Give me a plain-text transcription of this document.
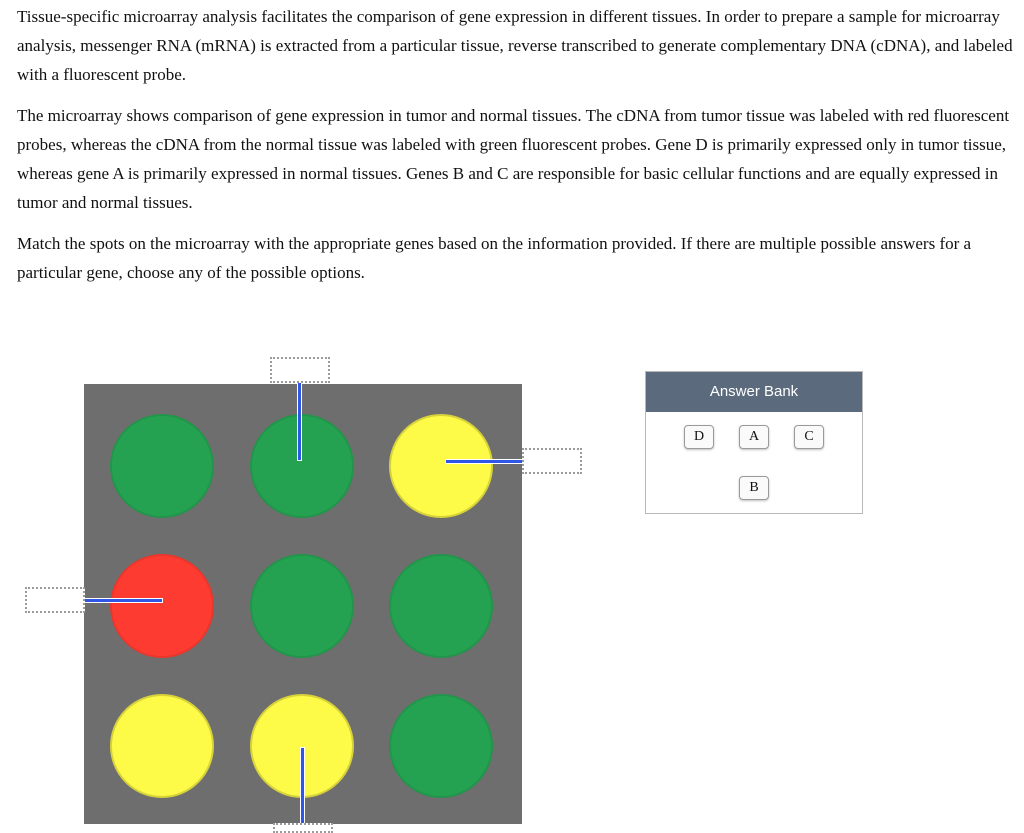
Tissue-specific microarray analysis facilitates the comparison of gene expression in different tissues. In order to prepare a sample for microarray analysis, messenger RNA (mRNA) is extracted from a particular tissue, reverse transcribed to generate complementary DNA (cDNA), and labeled with a fluorescent probe.

The microarray shows comparison of gene expression in tumor and normal tissues. The cDNA from tumor tissue was labeled with red fluorescent probes, whereas the cDNA from the normal tissue was labeled with green fluorescent probes. Gene D is primarily expressed only in tumor tissue, whereas gene A is primarily expressed in normal tissues. Genes B and C are responsible for basic cellular functions and are equally expressed in tumor and normal tissues.

Match the spots on the microarray with the appropriate genes based on the information provided. If there are multiple possible answers for a particular gene, choose any of the possible options.

Answer Bank
D	A	C
B
